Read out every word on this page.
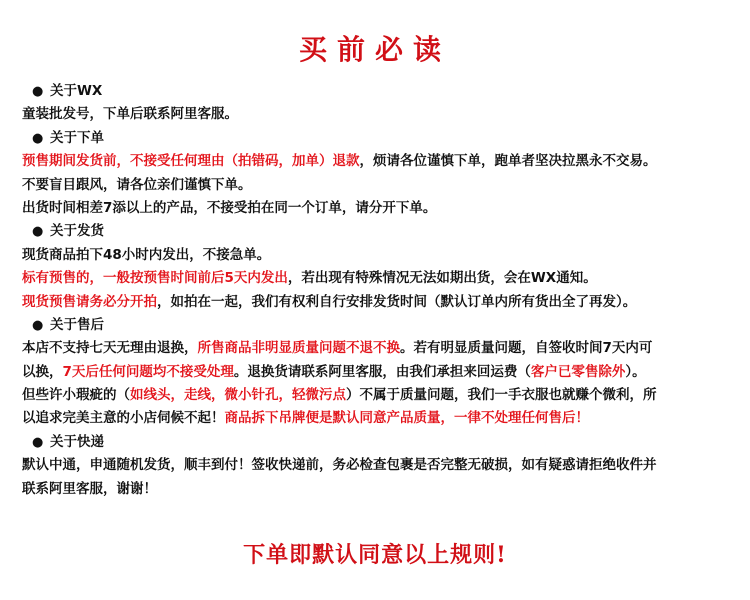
买前必读
● 关于WX
童装批发号，下单后联系阿里客服。
● 关于下单
预售期间发货前，不接受任何理由（拍错码，加单）退款，烦请各位谨慎下单，跑单者坚决拉黑永不交易。
不要盲目跟风，请各位亲们谨慎下单。
出货时间相差7添以上的产品，不接受拍在同一个订单，请分开下单。
● 关于发货
现货商品拍下48小时内发出，不接急单。
标有预售的，一般按预售时间前后5天内发出，若出现有特殊情况无法如期出货，会在WX通知。
现货预售请务必分开拍，如拍在一起，我们有权利自行安排发货时间（默认订单内所有货出全了再发）。
● 关于售后
本店不支持七天无理由退换，所售商品非明显质量问题不退不换。若有明显质量问题，自签收时间7天内可
以换，7天后任何问题均不接受处理。退换货请联系阿里客服，由我们承担来回运费（客户已零售除外）。
但些许小瑕疵的（如线头，走线，微小针孔，轻微污点）不属于质量问题，我们一手衣服也就赚个微利，所
以追求完美主意的小店伺候不起！商品拆下吊牌便是默认同意产品质量，一律不处理任何售后！
● 关于快递
默认中通，申通随机发货，顺丰到付！签收快递前，务必检查包裹是否完整无破损，如有疑惑请拒绝收件并
联系阿里客服，谢谢！
下单即默认同意以上规则!
